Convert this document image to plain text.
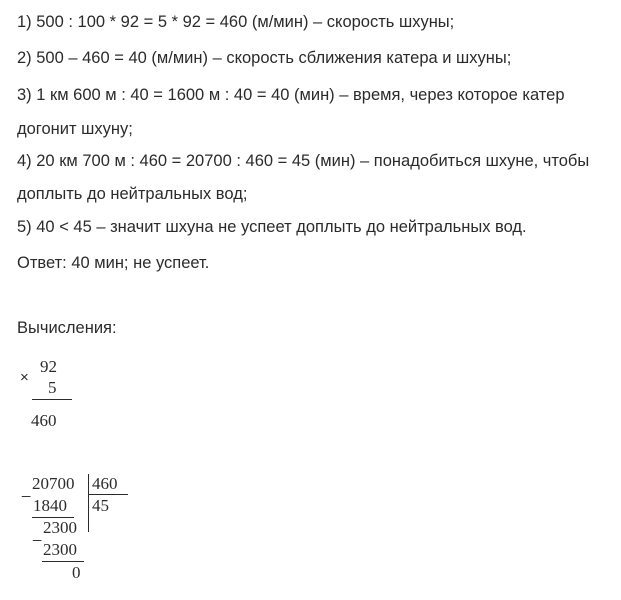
1) 500 : 100 * 92 = 5 * 92 = 460 (м/мин) – скорость шхуны;
2) 500 – 460 = 40 (м/мин) – скорость сближения катера и шхуны;
3) 1 км 600 м : 40 = 1600 м : 40 = 40 (мин) – время, через которое катер
догонит шхуну;
4) 20 км 700 м : 460 = 20700 : 460 = 45 (мин) – понадобиться шхуне, чтобы
доплыть до нейтральных вод;
5) 40 < 45 – значит шхуна не успеет доплыть до нейтральных вод.
Ответ: 40 мин; не успеет.
Вычисления:
×
92
5
460
_ 20700 460
45
1840
_ 2300
2300
0
